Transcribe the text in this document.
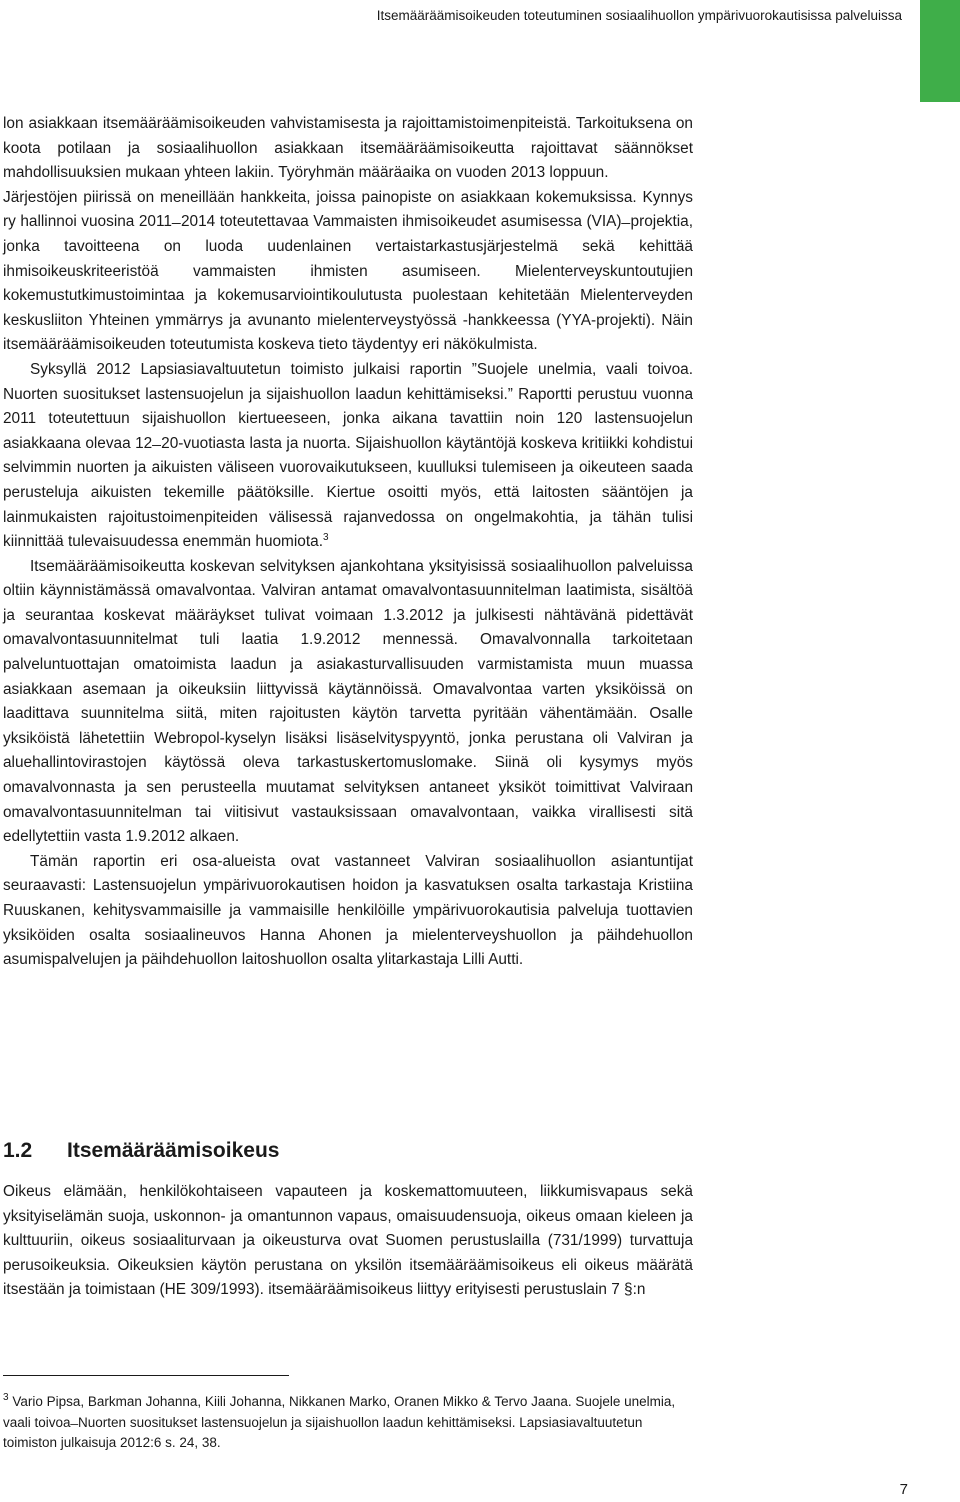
Itsemääräämisoikeuden toteutuminen sosiaalihuollon ympärivuorokautisissa palveluissa

lon asiakkaan itsemääräämisoikeuden vahvistamisesta ja rajoittamistoimenpiteistä. Tarkoituksena on koota potilaan ja sosiaalihuollon asiakkaan itsemääräämisoikeutta rajoittavat säännökset mahdollisuuksien mukaan yhteen lakiin. Työryhmän määräaika on vuoden 2013 loppuun.

Järjestöjen piirissä on meneillään hankkeita, joissa painopiste on asiakkaan kokemuksissa. Kynnys ry hallinnoi vuosina 2011 ̶ 2014 toteutettavaa Vammaisten ihmisoikeudet asumisessa (VIA) ̶ projektia, jonka tavoitteena on luoda uudenlainen vertaistarkastusjärjestelmä sekä kehittää ihmisoikeuskriteeristöä vammaisten ihmisten asumiseen. Mielenterveyskuntoutujien kokemustutkimustoimintaa ja kokemusarviointikoulutusta puolestaan kehitetään Mielenterveyden keskusliiton Yhteinen ymmärrys ja avunanto mielenterveystyössä -hankkeessa (YYA-projekti). Näin itsemääräämisoikeuden toteutumista koskeva tieto täydentyy eri näkökulmista.

Syksyllä 2012 Lapsiasiavaltuutetun toimisto julkaisi raportin ”Suojele unelmia, vaali toivoa. Nuorten suositukset lastensuojelun ja sijaishuollon laadun kehittämiseksi.” Raportti perustuu vuonna 2011 toteutettuun sijaishuollon kiertueeseen, jonka aikana tavattiin noin 120 lastensuojelun asiakkaana olevaa 12 ̶ 20-vuotiasta lasta ja nuorta. Sijaishuollon käytäntöjä koskeva kritiikki kohdistui selvimmin nuorten ja aikuisten väliseen vuorovaikutukseen, kuulluksi tulemiseen ja oikeuteen saada perusteluja aikuisten tekemille päätöksille. Kiertue osoitti myös, että laitosten sääntöjen ja lainmukaisten rajoitustoimenpiteiden välisessä rajanvedossa on ongelmakohtia, ja tähän tulisi kiinnittää tulevaisuudessa enemmän huomiota.$^3$

Itsemääräämisoikeutta koskevan selvityksen ajankohtana yksityisissä sosiaalihuollon palveluissa oltiin käynnistämässä omavalvontaa. Valviran antamat omavalvontasuunnitelman laatimista, sisältöä ja seurantaa koskevat määräykset tulivat voimaan 1.3.2012 ja julkisesti nähtävänä pidettävät omavalvontasuunnitelmat tuli laatia 1.9.2012 mennessä. Omavalvonnalla tarkoitetaan palveluntuottajan omatoimista laadun ja asiakasturvallisuuden varmistamista muun muassa asiakkaan asemaan ja oikeuksiin liittyvissä käytännöissä. Omavalvontaa varten yksiköissä on laadittava suunnitelma siitä, miten rajoitusten käytön tarvetta pyritään vähentämään. Osalle yksiköistä lähetettiin Webropol-kyselyn lisäksi lisäselvityspyyntö, jonka perustana oli Valviran ja aluehallintovirastojen käytössä oleva tarkastuskertomuslomake. Siinä oli kysymys myös omavalvonnasta ja sen perusteella muutamat selvityksen antaneet yksiköt toimittivat Valviraan omavalvontasuunnitelman tai viitisivut vastauksissaan omavalvontaan, vaikka virallisesti sitä edellytettiin vasta 1.9.2012 alkaen.

Tämän raportin eri osa-alueista ovat vastanneet Valviran sosiaalihuollon asiantuntijat seuraavasti: Lastensuojelun ympärivuorokautisen hoidon ja kasvatuksen osalta tarkastaja Kristiina Ruuskanen, kehitysvammaisille ja vammaisille henkilöille ympärivuorokautisia palveluja tuottavien yksiköiden osalta sosiaalineuvos Hanna Ahonen ja mielenterveyshuollon ja päihdehuollon asumispalvelujen ja päihdehuollon laitoshuollon osalta ylitarkastaja Lilli Autti.

1.2 Itsemääräämisoikeus

Oikeus elämään, henkilökohtaiseen vapauteen ja koskemattomuuteen, liikkumisvapaus sekä yksityiselämän suoja, uskonnon- ja omantunnon vapaus, omaisuudensuoja, oikeus omaan kieleen ja kulttuuriin, oikeus sosiaaliturvaan ja oikeusturva ovat Suomen perustuslailla (731/1999) turvattuja perusoikeuksia. Oikeuksien käytön perustana on yksilön itsemääräämisoikeus eli oikeus määrätä itsestään ja toimistaan (HE 309/1993). itsemääräämisoikeus liittyy erityisesti perustuslain 7 §:n

$^3$ Vario Pipsa, Barkman Johanna, Kiili Johanna, Nikkanen Marko, Oranen Mikko & Tervo Jaana. Suojele unelmia, vaali toivoa ̶ Nuorten suositukset lastensuojelun ja sijaishuollon laadun kehittämiseksi. Lapsiasiavaltuutetun toimiston julkaisuja 2012:6 s. 24, 38.

7
